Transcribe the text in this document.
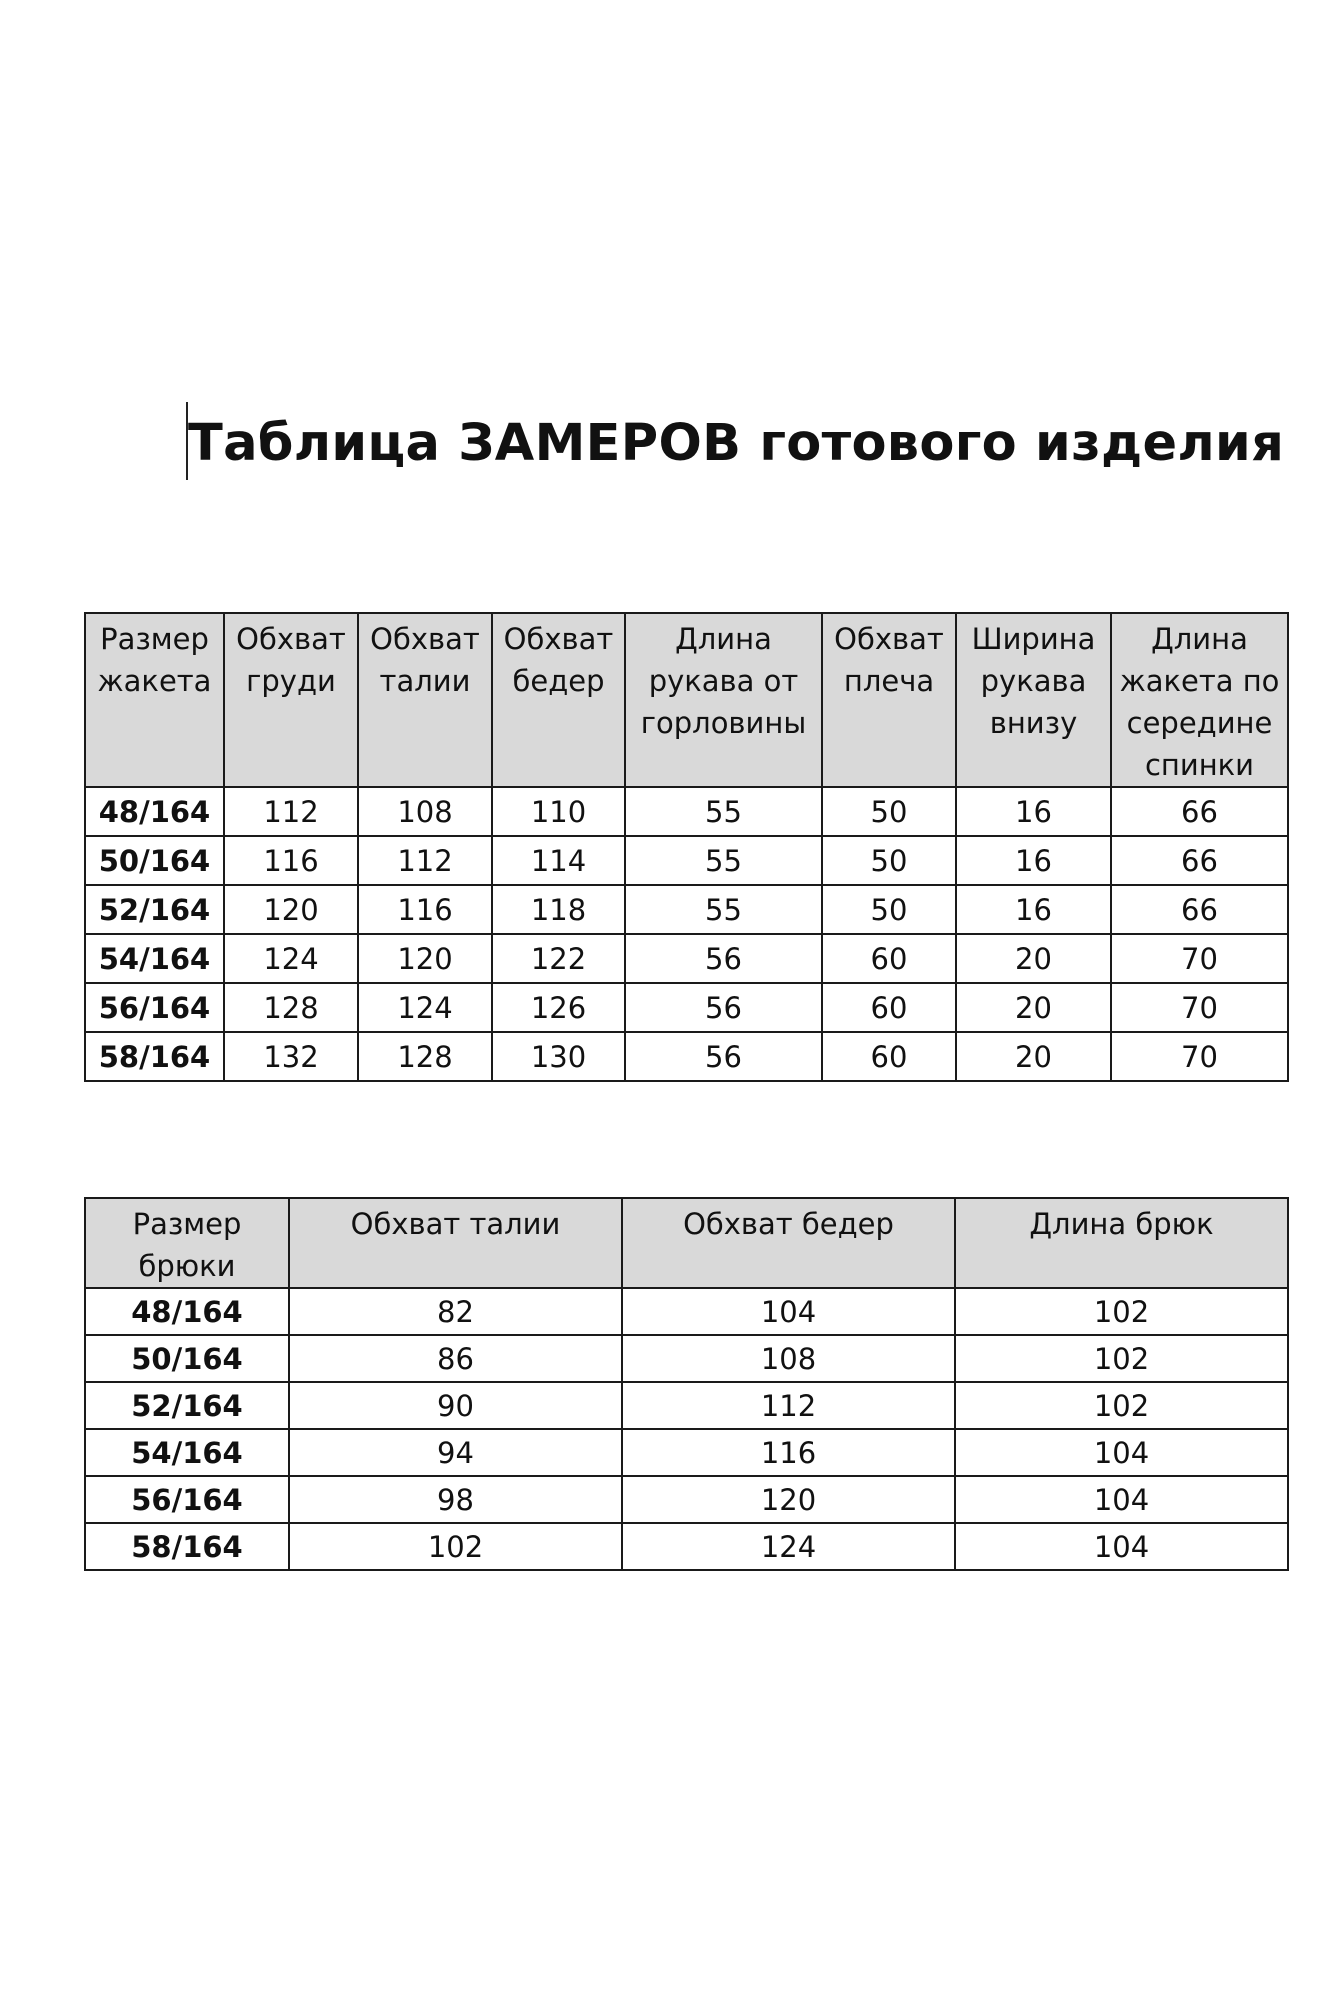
Таблица ЗАМЕРОВ готового изделия
Размер жакета	Обхват груди	Обхват талии	Обхват бедер	Длина рукава от горловины	Обхват плеча	Ширина рукава внизу	Длина жакета по середине спинки
48/164	112	108	110	55	50	16	66
50/164	116	112	114	55	50	16	66
52/164	120	116	118	55	50	16	66
54/164	124	120	122	56	60	20	70
56/164	128	124	126	56	60	20	70
58/164	132	128	130	56	60	20	70
Размер брюки	Обхват талии	Обхват бедер	Длина брюк
48/164	82	104	102
50/164	86	108	102
52/164	90	112	102
54/164	94	116	104
56/164	98	120	104
58/164	102	124	104
